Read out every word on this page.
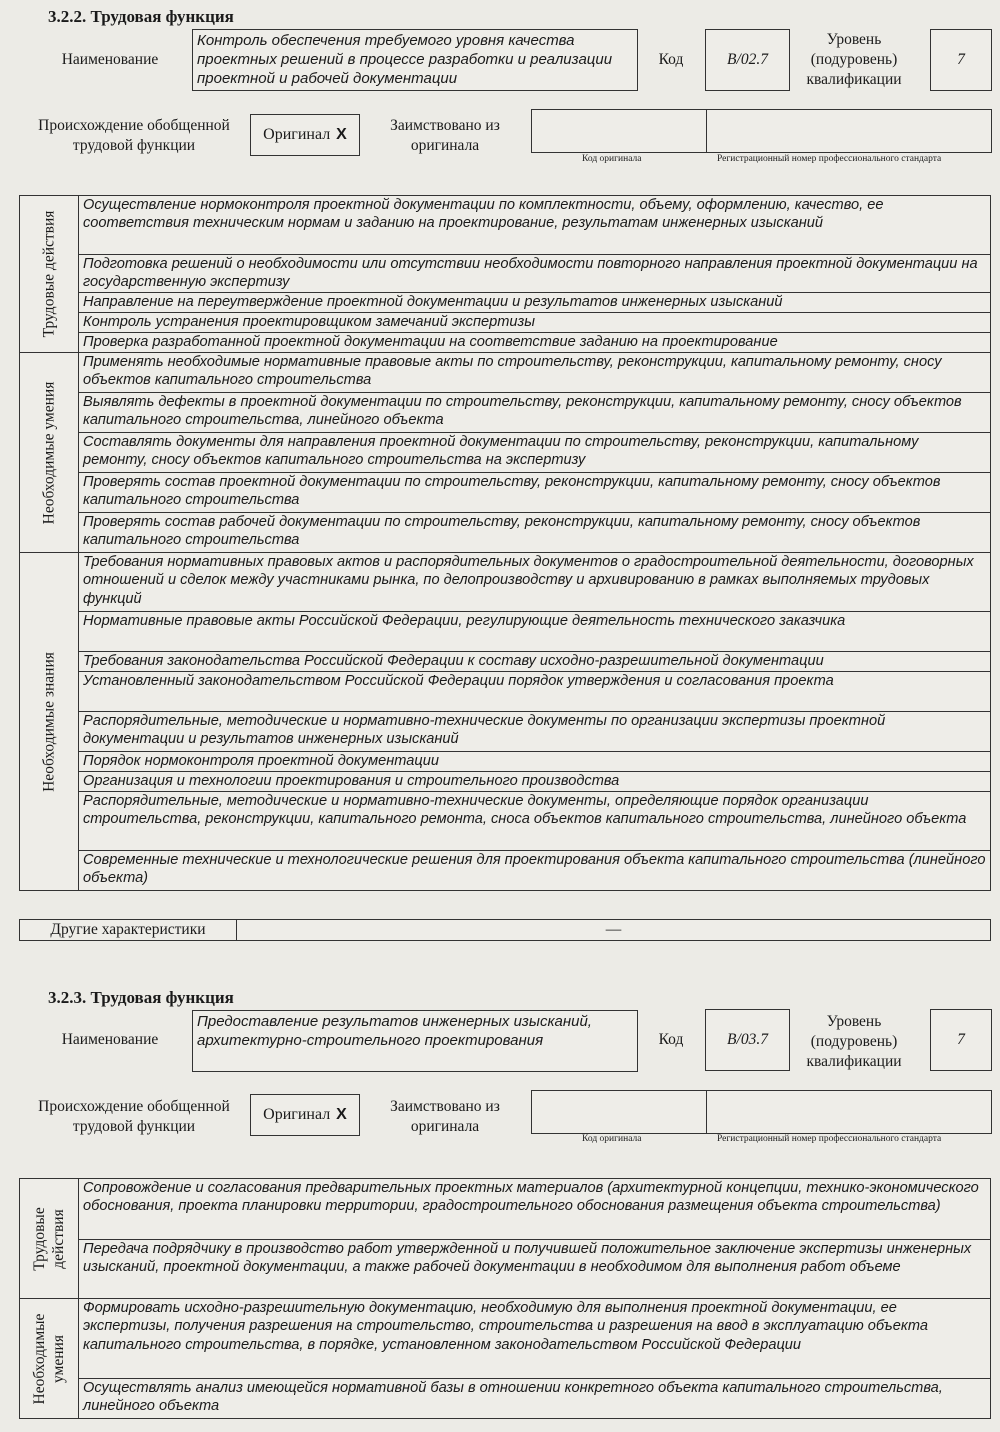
3.2.2. Трудовая функция
Наименование
Контроль обеспечения требуемого уровня качества проектных решений в процессе разработки и реализации проектной и рабочей документации
Код	B/02.7
Уровень (подуровень) квалификации
7
Происхождение обобщенной трудовой функции
Оригинал X
Заимствовано из оригинала
Код оригинала	Регистрационный номер профессионального стандарта
Трудовые действия	Осуществление нормоконтроля проектной документации по комплектности, объему, оформлению, качество, ее соответствия техническим нормам и заданию на проектирование, результатам инженерных изысканий
	Подготовка решений о необходимости или отсутствии необходимости повторного направления проектной документации на государственную экспертизу
	Направление на переутверждение проектной документации и результатов инженерных изысканий
	Контроль устранения проектировщиком замечаний экспертизы
	Проверка разработанной проектной документации на соответствие заданию на проектирование

Необходимые умения	Применять необходимые нормативные правовые акты по строительству, реконструкции, капитальному ремонту, сносу объектов капитального строительства
	Выявлять дефекты в проектной документации по строительству, реконструкции, капитальному ремонту, сносу объектов капитального строительства, линейного объекта
	Составлять документы для направления проектной документации по строительству, реконструкции, капитальному ремонту, сносу объектов капитального строительства на экспертизу
	Проверять состав проектной документации по строительству, реконструкции, капитальному ремонту, сносу объектов капитального строительства
	Проверять состав рабочей документации по строительству, реконструкции, капитальному ремонту, сносу объектов капитального строительства

Необходимые знания	Требования нормативных правовых актов и распорядительных документов о градостроительной деятельности, договорных отношений и сделок между участниками рынка, по делопроизводству и архивированию в рамках выполняемых трудовых функций
	Нормативные правовые акты Российской Федерации, регулирующие деятельность технического заказчика
	Требования законодательства Российской Федерации к составу исходно-разрешительной документации
	Установленный законодательством Российской Федерации порядок утверждения и согласования проекта
	Распорядительные, методические и нормативно-технические документы по организации экспертизы проектной документации и результатов инженерных изысканий
	Порядок нормоконтроля проектной документации
	Организация и технологии проектирования и строительного производства
	Распорядительные, методические и нормативно-технические документы, определяющие порядок организации строительства, реконструкции, капитального ремонта, сноса объектов капитального строительства, линейного объекта
	Современные технические и технологические решения для проектирования объекта капитального строительства (линейного объекта)
Другие характеристики	—
3.2.3. Трудовая функция
Наименование
Предоставление результатов инженерных изысканий, архитектурно-строительного проектирования	Код	B/03.7
Уровень (подуровень) квалификации
7
Происхождение обобщенной трудовой функции
Оригинал X	Заимствовано из оригинала
Код оригинала	Регистрационный номер профессионального стандарта
Трудовые действия	Сопровождение и согласования предварительных проектных материалов (архитектурной концепции, технико-экономического обоснования, проекта планировки территории, градостроительного обоснования размещения объекта строительства)
	Передача подрядчику в производство работ утвержденной и получившей положительное заключение экспертизы инженерных изысканий, проектной документации, а также рабочей документации в необходимом для выполнения работ объеме

Необходимые умения	Формировать исходно-разрешительную документацию, необходимую для выполнения проектной документации, ее экспертизы, получения разрешения на строительство, строительства и разрешения на ввод в эксплуатацию объекта капитального строительства, в порядке, установленном законодательством Российской Федерации
	Осуществлять анализ имеющейся нормативной базы в отношении конкретного объекта капитального строительства, линейного объекта
